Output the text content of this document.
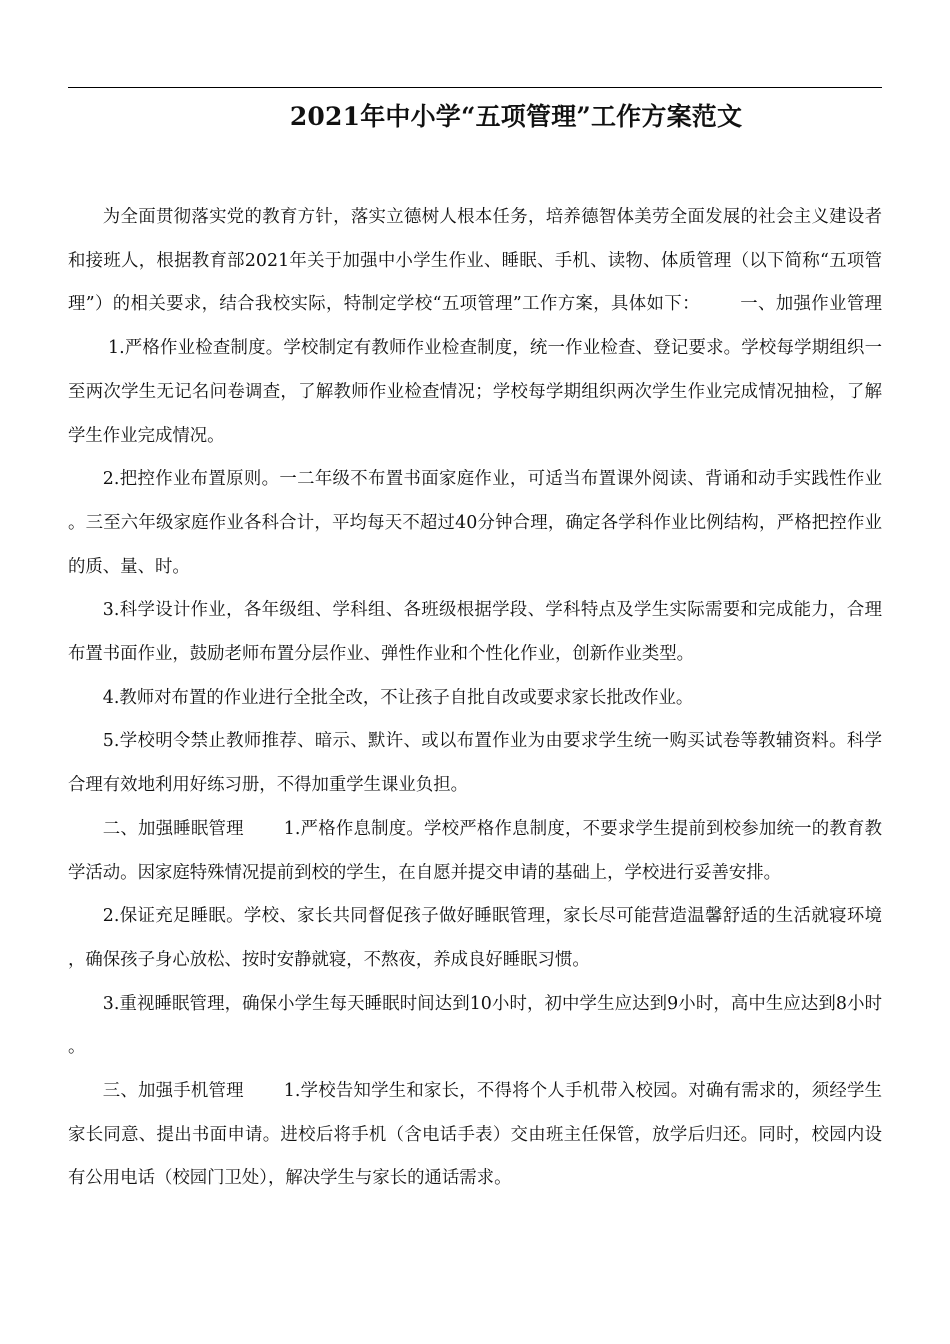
2021年中小学“五项管理”工作方案范文

为全面贯彻落实党的教育方针，落实立德树人根本任务，培养德智体美劳全面发展的社会主义建设者和接班人，根据教育部2021年关于加强中小学生作业、睡眠、手机、读物、体质管理（以下简称“五项管理”）的相关要求，结合我校实际，特制定学校“五项管理”工作方案，具体如下： 一、加强作业管理1.严格作业检查制度。学校制定有教师作业检查制度，统一作业检查、登记要求。学校每学期组织一至两次学生无记名问卷调查，了解教师作业检查情况；学校每学期组织两次学生作业完成情况抽检，了解学生作业完成情况。

2.把控作业布置原则。一二年级不布置书面家庭作业，可适当布置课外阅读、背诵和动手实践性作业。三至六年级家庭作业各科合计，平均每天不超过40分钟合理，确定各学科作业比例结构，严格把控作业的质、量、时。

3.科学设计作业，各年级组、学科组、各班级根据学段、学科特点及学生实际需要和完成能力，合理布置书面作业，鼓励老师布置分层作业、弹性作业和个性化作业，创新作业类型。

4.教师对布置的作业进行全批全改，不让孩子自批自改或要求家长批改作业。

5.学校明令禁止教师推荐、暗示、默许、或以布置作业为由要求学生统一购买试卷等教辅资料。科学合理有效地利用好练习册，不得加重学生课业负担。

二、加强睡眠管理 1.严格作息制度。学校严格作息制度，不要求学生提前到校参加统一的教育教学活动。因家庭特殊情况提前到校的学生，在自愿并提交申请的基础上，学校进行妥善安排。

2.保证充足睡眠。学校、家长共同督促孩子做好睡眠管理，家长尽可能营造温馨舒适的生活就寝环境，确保孩子身心放松、按时安静就寝，不熬夜，养成良好睡眠习惯。

3.重视睡眠管理，确保小学生每天睡眠时间达到10小时，初中学生应达到9小时，高中生应达到8小时。

三、加强手机管理 1.学校告知学生和家长，不得将个人手机带入校园。对确有需求的，须经学生家长同意、提出书面申请。进校后将手机（含电话手表）交由班主任保管，放学后归还。同时，校园内设有公用电话（校园门卫处），解决学生与家长的通话需求。
